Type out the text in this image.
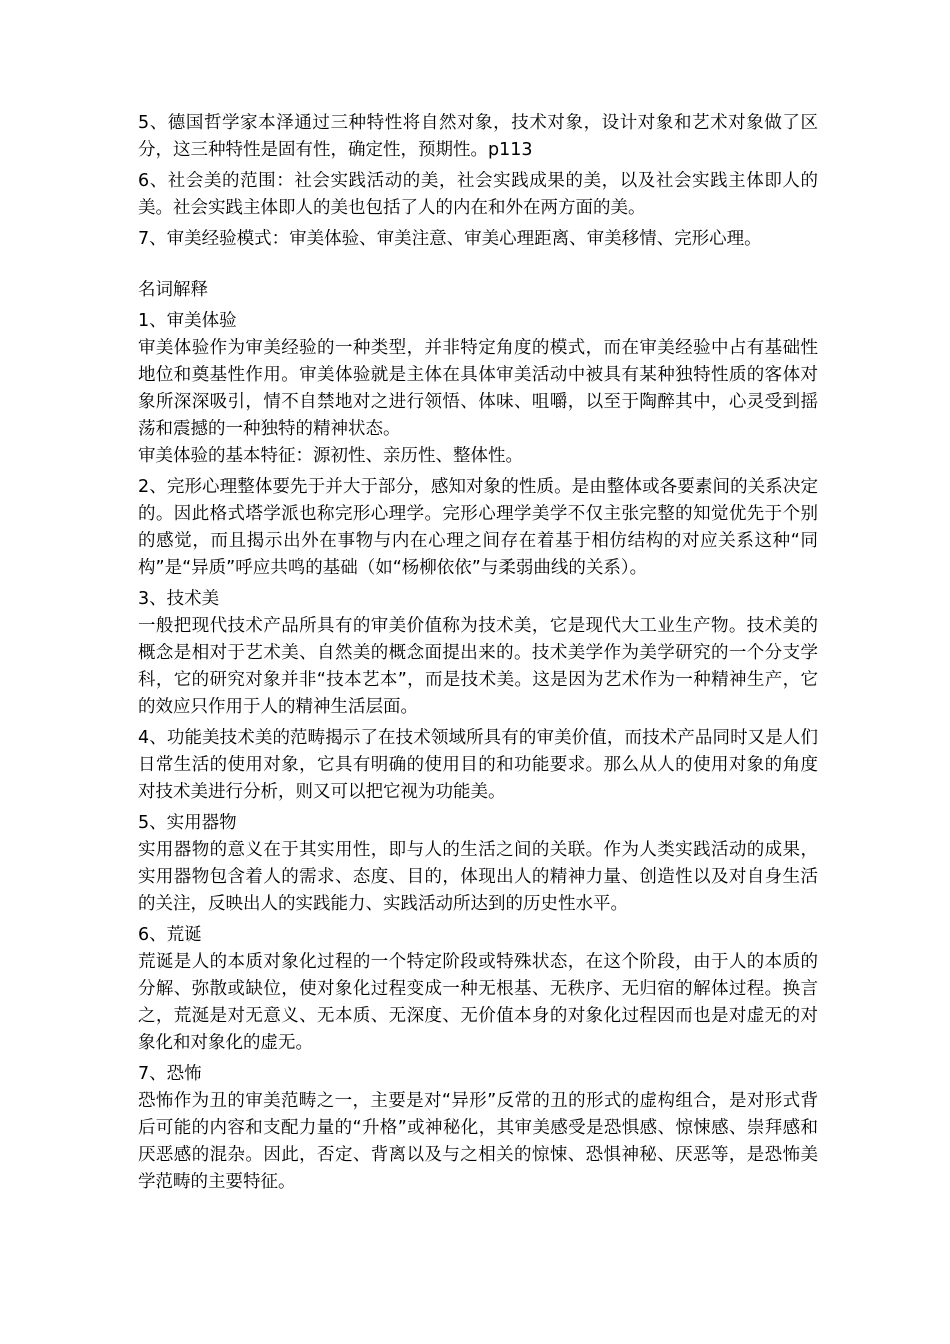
5、德国哲学家本泽通过三种特性将自然对象，技术对象，设计对象和艺术对象做了区分，这三种特性是固有性，确定性，预期性。p113

6、社会美的范围：社会实践活动的美，社会实践成果的美，以及社会实践主体即人的美。社会实践主体即人的美也包括了人的内在和外在两方面的美。

7、审美经验模式：审美体验、审美注意、审美心理距离、审美移情、完形心理。

名词解释

1、审美体验

审美体验作为审美经验的一种类型，并非特定角度的模式，而在审美经验中占有基础性地位和奠基性作用。审美体验就是主体在具体审美活动中被具有某种独特性质的客体对象所深深吸引，情不自禁地对之进行领悟、体味、咀嚼，以至于陶醉其中，心灵受到摇荡和震撼的一种独特的精神状态。

审美体验的基本特征：源初性、亲历性、整体性。

2、完形心理整体要先于并大于部分，感知对象的性质。是由整体或各要素间的关系决定的。因此格式塔学派也称完形心理学。完形心理学美学不仅主张完整的知觉优先于个别的感觉，而且揭示出外在事物与内在心理之间存在着基于相仿结构的对应关系这种“同构”是“异质”呼应共鸣的基础（如“杨柳依依”与柔弱曲线的关系）。

3、技术美

一般把现代技术产品所具有的审美价值称为技术美，它是现代大工业生产物。技术美的概念是相对于艺术美、自然美的概念面提出来的。技术美学作为美学研究的一个分支学科，它的研究对象并非“技本艺本”，而是技术美。这是因为艺术作为一种精神生产，它的效应只作用于人的精神生活层面。

4、功能美技术美的范畴揭示了在技术领域所具有的审美价值，而技术产品同时又是人们日常生活的使用对象，它具有明确的使用目的和功能要求。那么从人的使用对象的角度对技术美进行分析，则又可以把它视为功能美。

5、实用器物

实用器物的意义在于其实用性，即与人的生活之间的关联。作为人类实践活动的成果，实用器物包含着人的需求、态度、目的，体现出人的精神力量、创造性以及对自身生活的关注，反映出人的实践能力、实践活动所达到的历史性水平。

6、荒诞

荒诞是人的本质对象化过程的一个特定阶段或特殊状态，在这个阶段，由于人的本质的分解、弥散或缺位，使对象化过程变成一种无根基、无秩序、无归宿的解体过程。换言之，荒涎是对无意义、无本质、无深度、无价值本身的对象化过程因而也是对虚无的对象化和对象化的虚无。

7、恐怖

恐怖作为丑的审美范畴之一，主要是对“异形”反常的丑的形式的虚构组合，是对形式背后可能的内容和支配力量的“升格”或神秘化，其审美感受是恐惧感、惊悚感、崇拜感和厌恶感的混杂。因此，否定、背离以及与之相关的惊悚、恐惧神秘、厌恶等，是恐怖美学范畴的主要特征。
